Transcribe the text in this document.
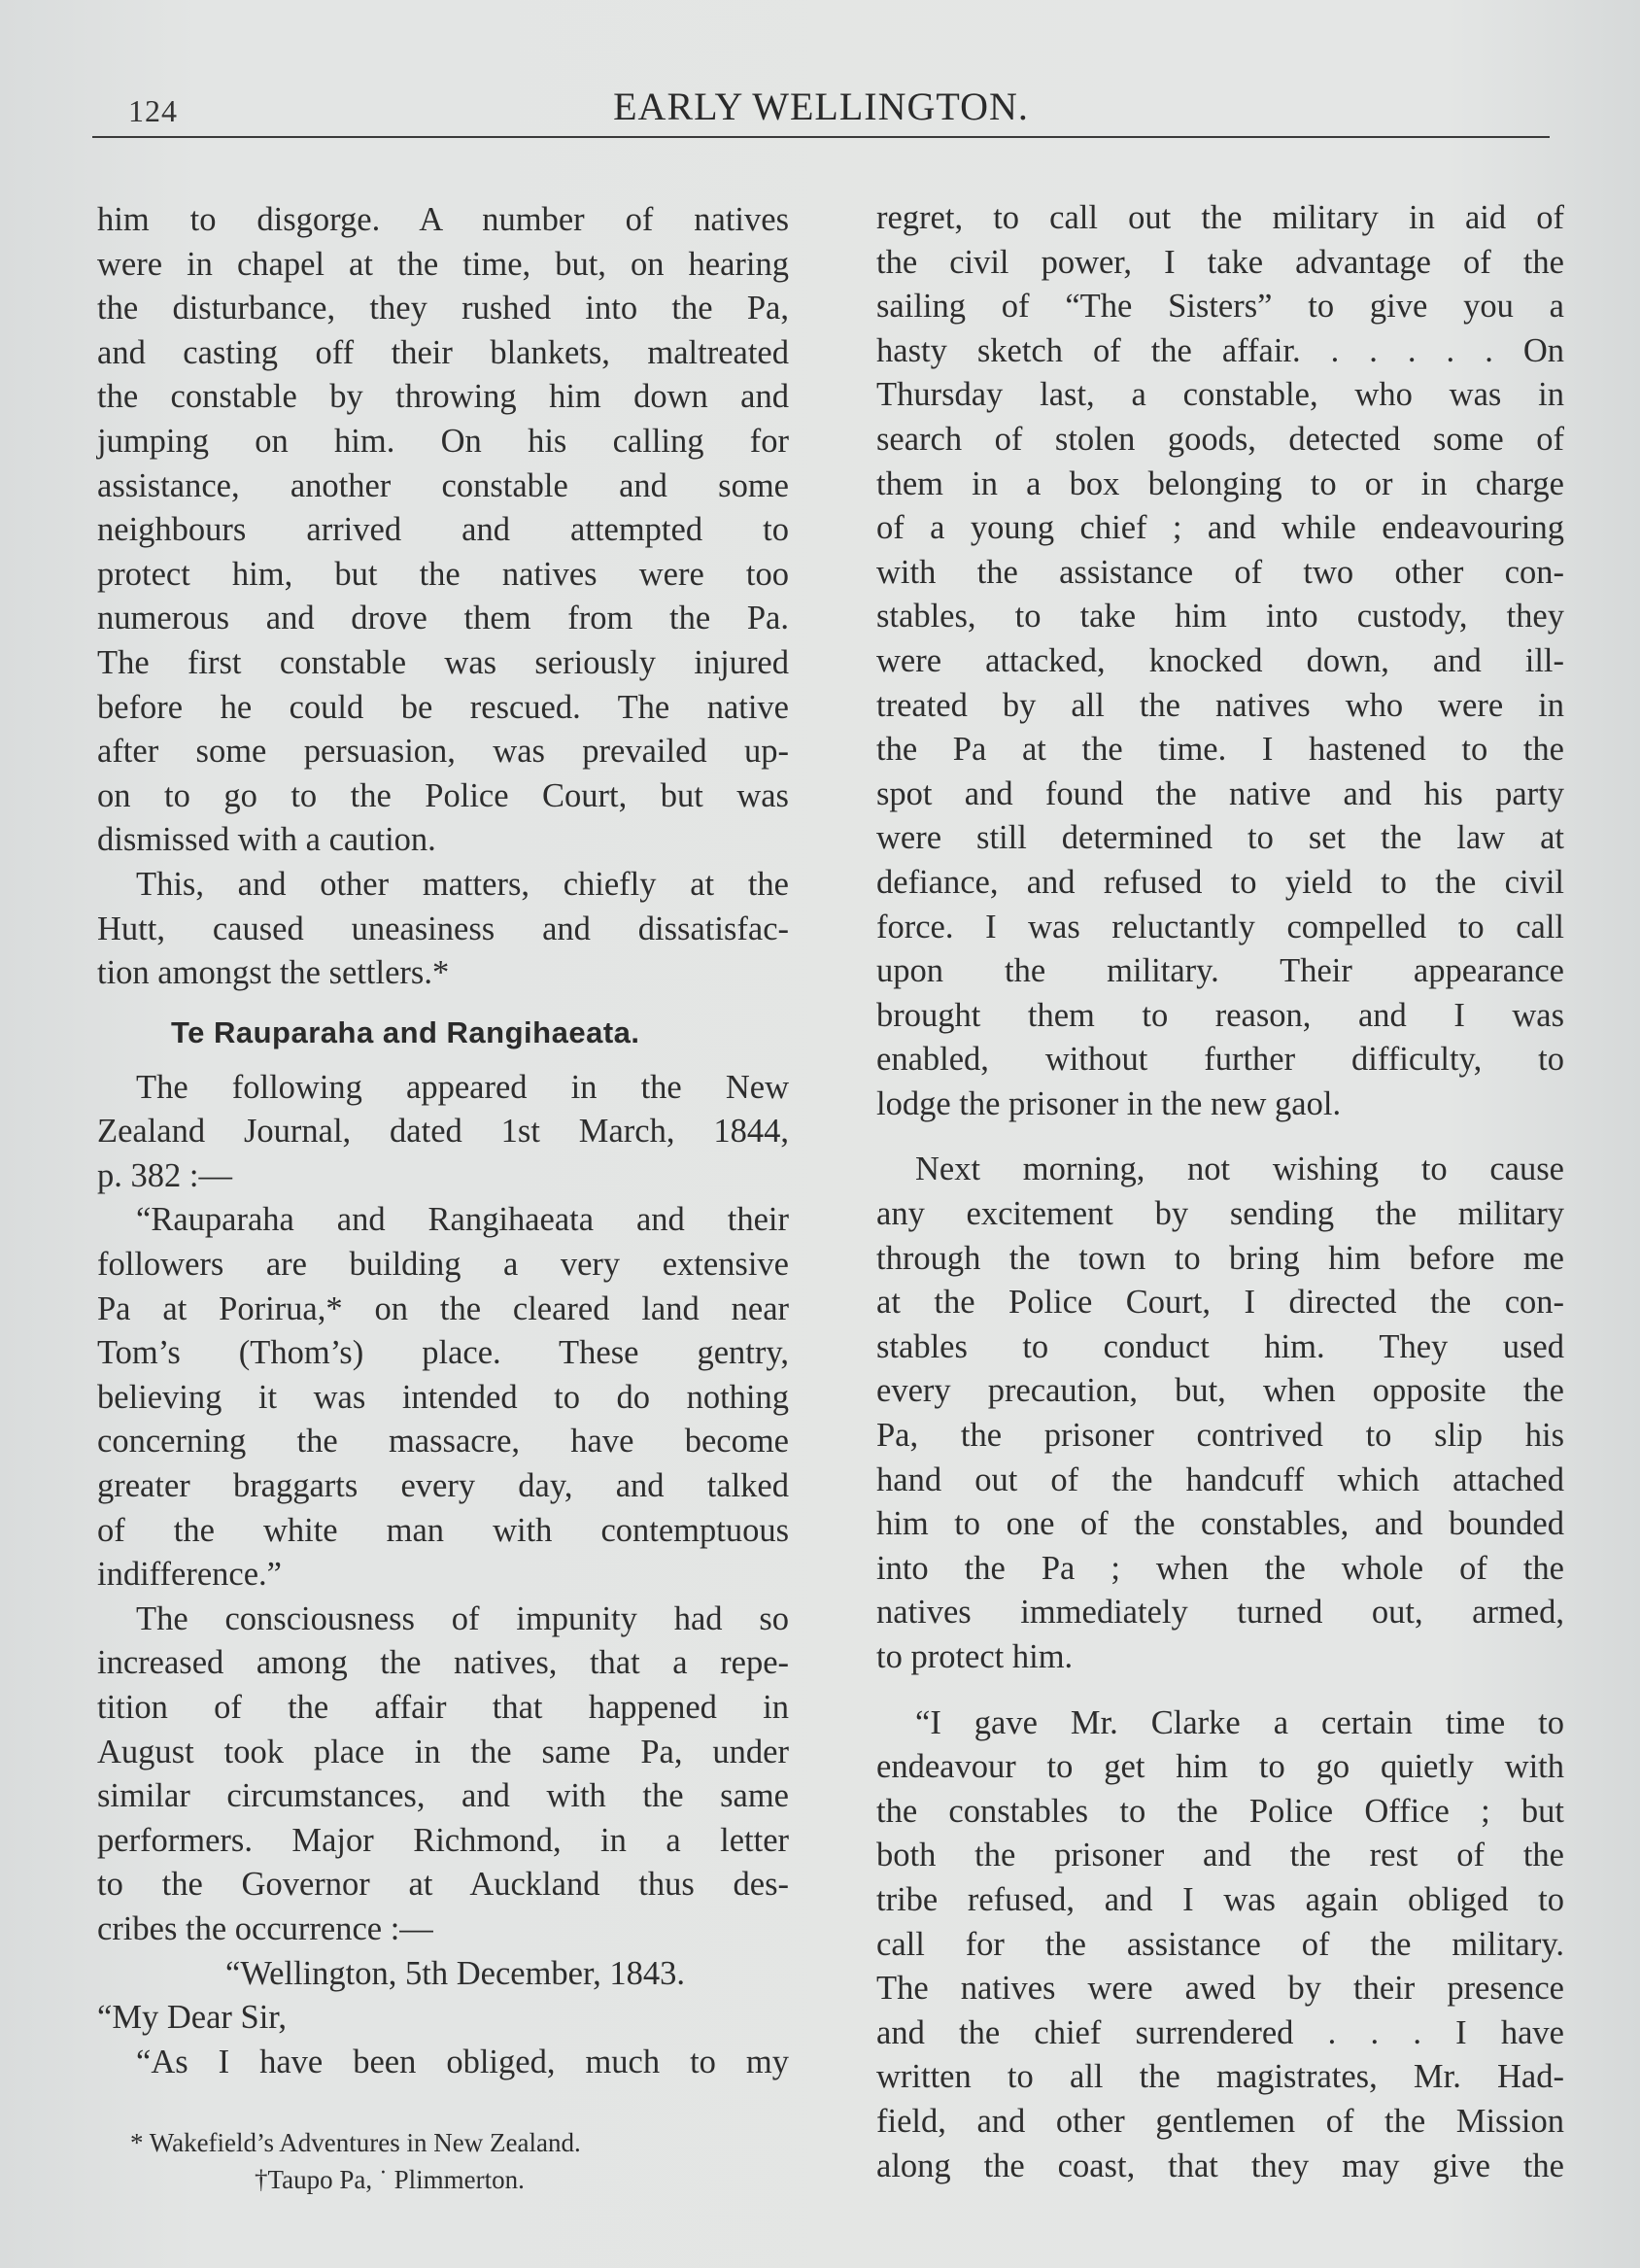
124	EARLY WELLINGTON.
him to disgorge. A number of natives
were in chapel at the time, but, on hearing
the disturbance, they rushed into the Pa,
and casting off their blankets, maltreated
the constable by throwing him down and
jumping on him. On his calling for
assistance, another constable and some
neighbours arrived and attempted to
protect him, but the natives were too
numerous and drove them from the Pa.
The first constable was seriously injured
before he could be rescued. The native
after some persuasion, was prevailed up-
on to go to the Police Court, but was
dismissed with a caution.
This, and other matters, chiefly at the
Hutt, caused uneasiness and dissatisfac-
tion amongst the settlers.*
Te Rauparaha and Rangihaeata.
The following appeared in the New
Zealand Journal, dated 1st March, 1844,
p. 382 :—
“Rauparaha and Rangihaeata and their
followers are building a very extensive
Pa at Porirua,* on the cleared land near
Tom’s (Thom’s) place. These gentry,
believing it was intended to do nothing
concerning the massacre, have become
greater braggarts every day, and talked
of the white man with contemptuous
indifference.”
The consciousness of impunity had so
increased among the natives, that a repe-
tition of the affair that happened in
August took place in the same Pa, under
similar circumstances, and with the same
performers. Major Richmond, in a letter
to the Governor at Auckland thus des-
cribes the occurrence :—
“Wellington, 5th December, 1843.
“My Dear Sir,
“As I have been obliged, much to my
* Wakefield’s Adventures in New Zealand.
†Taupo Pa, ˙ Plimmerton.
regret, to call out the military in aid of
the civil power, I take advantage of the
sailing of “The Sisters” to give you a
hasty sketch of the affair. . . . . . On
Thursday last, a constable, who was in
search of stolen goods, detected some of
them in a box belonging to or in charge
of a young chief ; and while endeavouring
with the assistance of two other con-
stables, to take him into custody, they
were attacked, knocked down, and ill-
treated by all the natives who were in
the Pa at the time. I hastened to the
spot and found the native and his party
were still determined to set the law at
defiance, and refused to yield to the civil
force. I was reluctantly compelled to call
upon the military. Their appearance
brought them to reason, and I was
enabled, without further difficulty, to
lodge the prisoner in the new gaol.
Next morning, not wishing to cause
any excitement by sending the military
through the town to bring him before me
at the Police Court, I directed the con-
stables to conduct him. They used
every precaution, but, when opposite the
Pa, the prisoner contrived to slip his
hand out of the handcuff which attached
him to one of the constables, and bounded
into the Pa ; when the whole of the
natives immediately turned out, armed,
to protect him.
“I gave Mr. Clarke a certain time to
endeavour to get him to go quietly with
the constables to the Police Office ; but
both the prisoner and the rest of the
tribe refused, and I was again obliged to
call for the assistance of the military.
The natives were awed by their presence
and the chief surrendered . . . I have
written to all the magistrates, Mr. Had-
field, and other gentlemen of the Mission
along the coast, that they may give the
